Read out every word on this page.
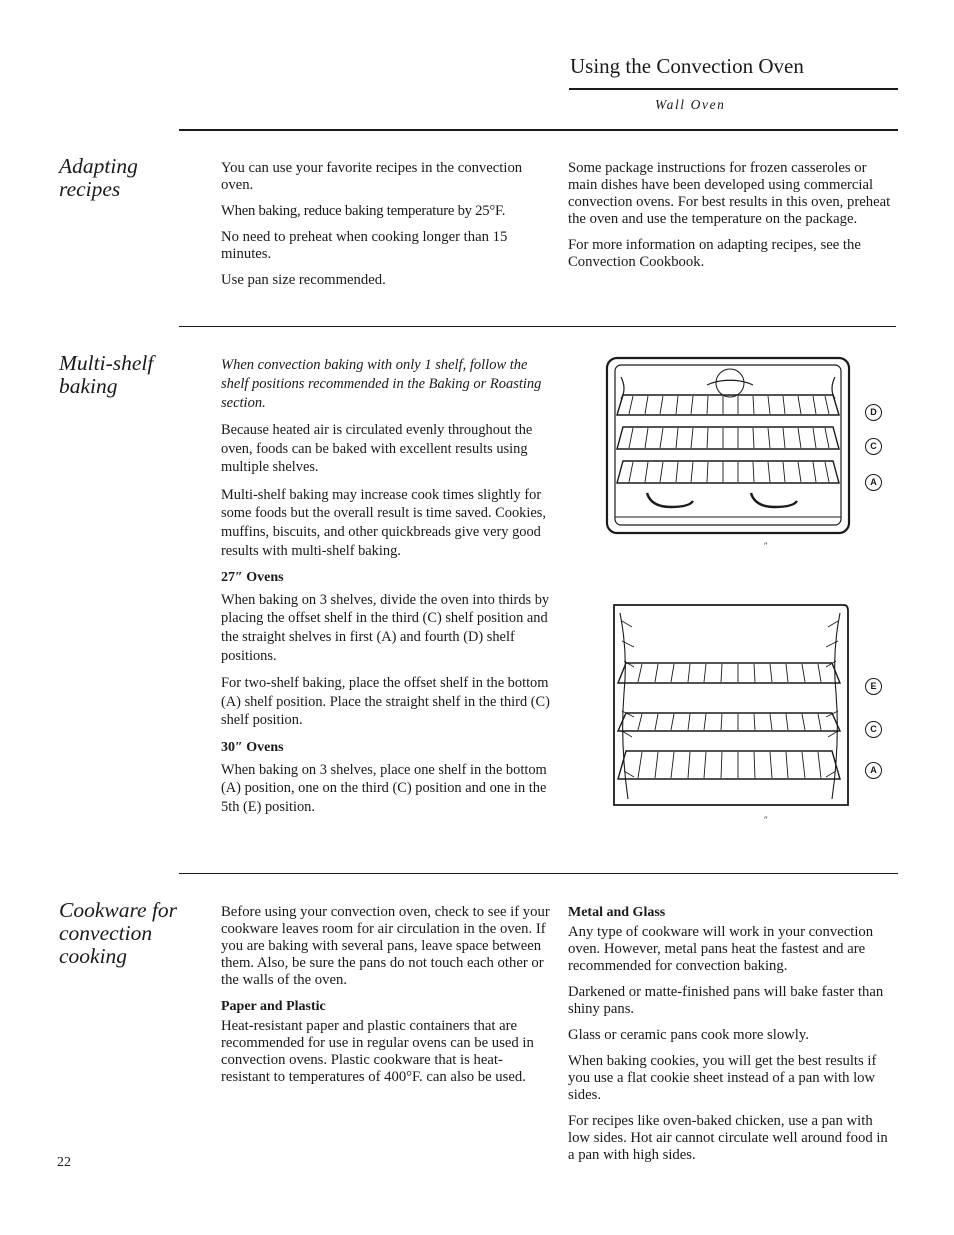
Using the Convection Oven
Wall Oven
Adapting
recipes

You can use your favorite recipes in the convection oven.

When baking, reduce baking temperature by 25°F.

No need to preheat when cooking longer than 15 minutes.

Use pan size recommended.

Some package instructions for frozen casseroles or main dishes have been developed using commercial convection ovens. For best results in this oven, preheat the oven and use the temperature on the package.

For more information on adapting recipes, see the Convection Cookbook.

Multi-shelf
baking

When convection baking with only 1 shelf, follow the shelf positions recommended in the Baking or Roasting section.

Because heated air is circulated evenly throughout the oven, foods can be baked with excellent results using multiple shelves.

Multi-shelf baking may increase cook times slightly for some foods but the overall result is time saved. Cookies, muffins, biscuits, and other quickbreads give very good results with multi-shelf baking.

27″ Ovens

When baking on 3 shelves, divide the oven into thirds by placing the offset shelf in the third (C) shelf position and the straight shelves in first (A) and fourth (D) shelf positions.

For two-shelf baking, place the offset shelf in the bottom (A) shelf position. Place the straight shelf in the third (C) shelf position.

30″ Ovens

When baking on 3 shelves, place one shelf in the bottom (A) position, one on the third (C) position and one in the 5th (E) position.

D
C
A
″
E
C
A
″
Cookware for
convection
cooking

Before using your convection oven, check to see if your cookware leaves room for air circulation in the oven. If you are baking with several pans, leave space between them. Also, be sure the pans do not touch each other or the walls of the oven.

Paper and Plastic

Heat-resistant paper and plastic containers that are recommended for use in regular ovens can be used in convection ovens. Plastic cookware that is heat-resistant to temperatures of 400°F. can also be used.

Metal and Glass

Any type of cookware will work in your convection oven. However, metal pans heat the fastest and are recommended for convection baking.

Darkened or matte-finished pans will bake faster than shiny pans.

Glass or ceramic pans cook more slowly.

When baking cookies, you will get the best results if you use a flat cookie sheet instead of a pan with low sides.

For recipes like oven-baked chicken, use a pan with low sides. Hot air cannot circulate well around food in a pan with high sides.

22
